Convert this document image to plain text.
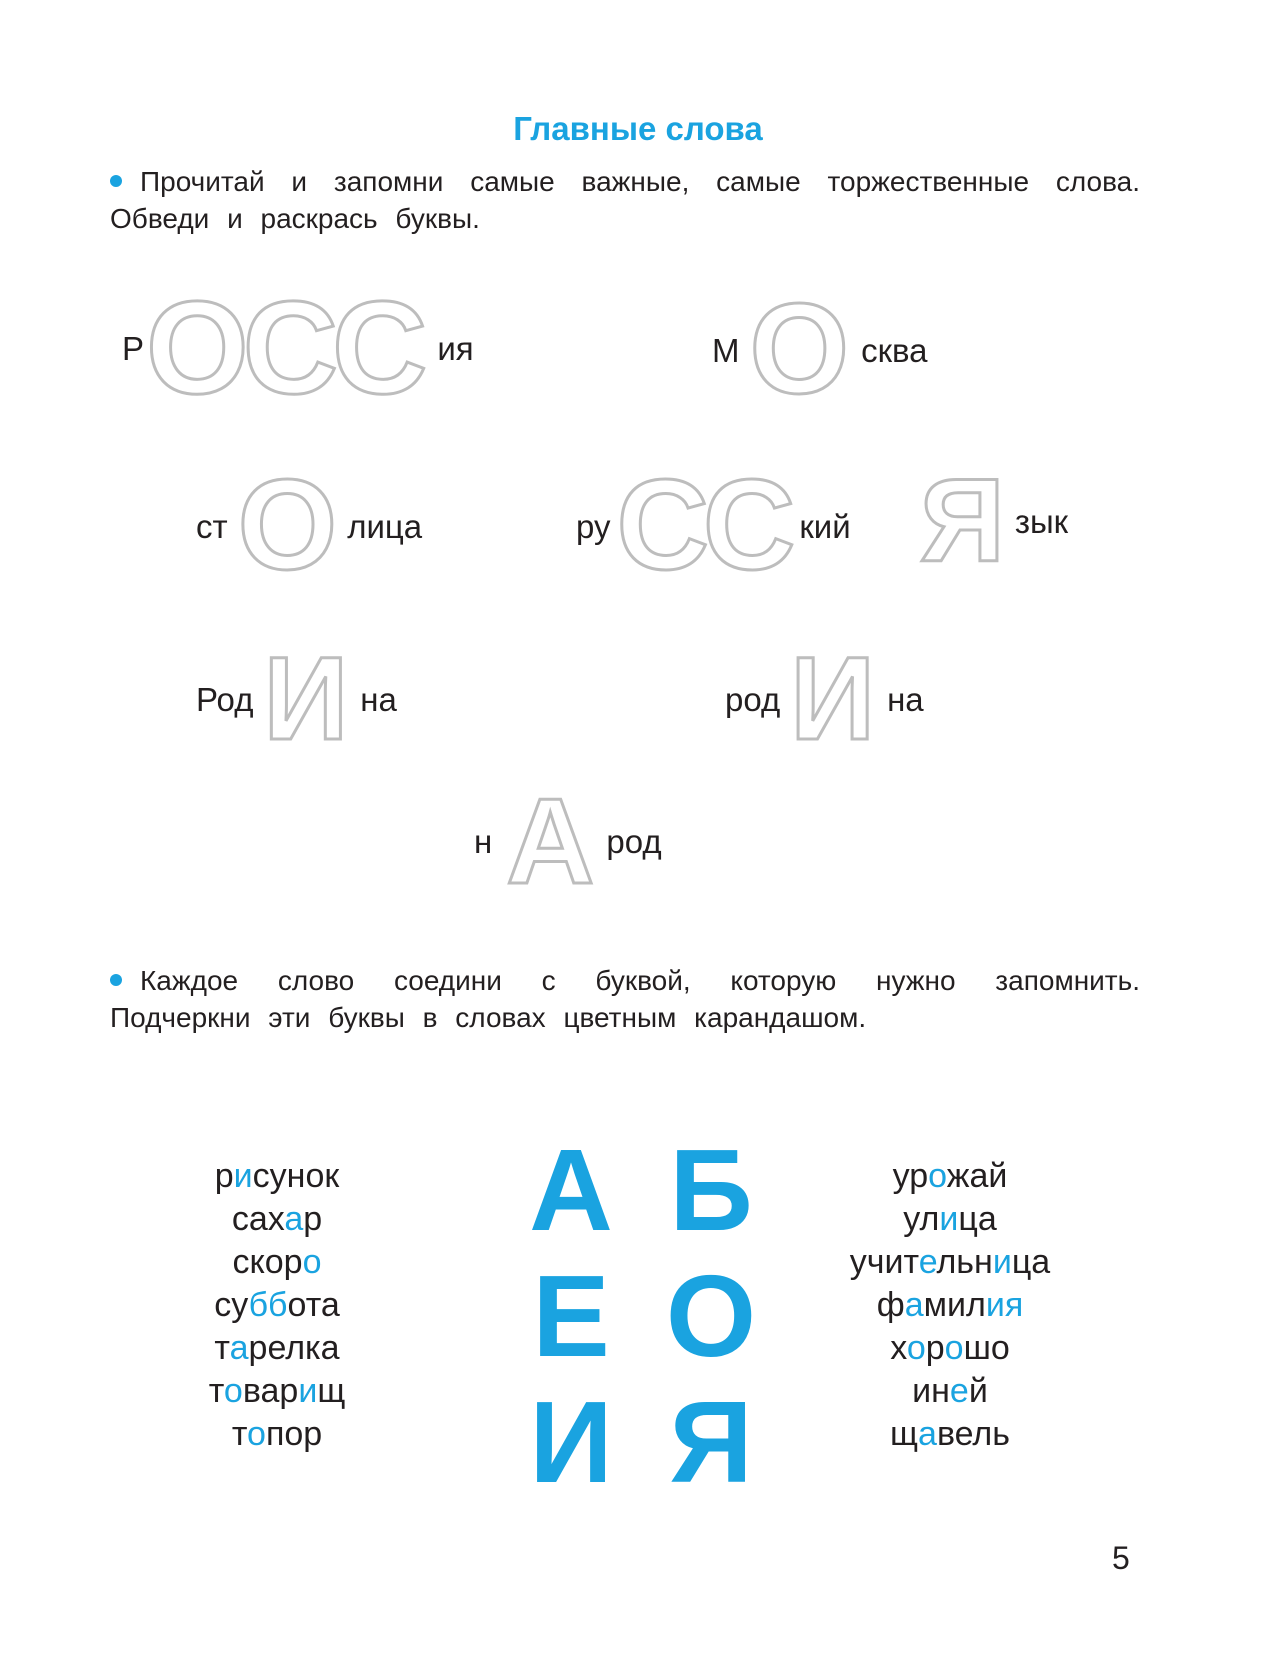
Главные слова
Прочитай и запомни самые важные, самые торжественные слова. Обведи и раскрась буквы.
Р ОСС ия	М О сква
ст О лица	ру СС кий Я зык
Род И на	род И на
н А род
Каждое слово соедини с буквой, которую нужно запомнить. Подчеркни эти буквы в словах цветным карандашом.
рисунок
сахар
скоро
суббота
тарелка
товарищ
топор
А Б
Е О
И Я
урожай
улица
учительница
фамилия
хорошо
иней
щавель
5
